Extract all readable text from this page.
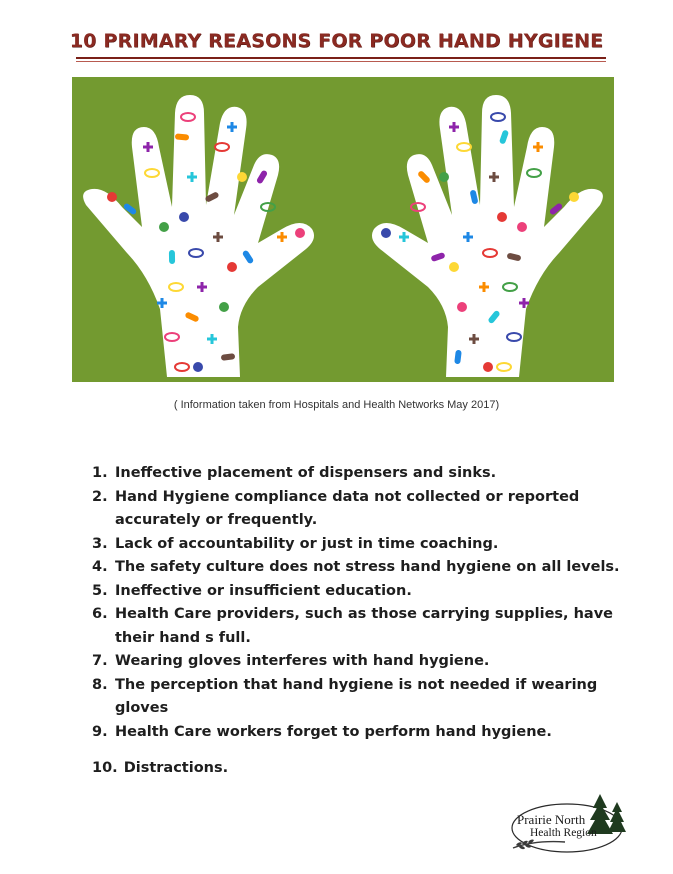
10 PRIMARY REASONS FOR POOR HAND HYGIENE
( Information taken from Hospitals and Health Networks May 2017)
1. Ineffective placement of dispensers and sinks.
2. Hand Hygiene compliance data not collected or reported accurately or frequently.
3. Lack of accountability or just in time coaching.
4. The safety culture does not stress hand hygiene on all levels.
5. Ineffective or insufficient education.
6. Health Care providers, such as those carrying supplies, have their hand s full.
7. Wearing gloves interferes with hand hygiene.
8. The perception that hand hygiene is not needed if wearing gloves
9. Health Care workers forget to perform hand hygiene.
10. Distractions.
Prairie North
Health Region
